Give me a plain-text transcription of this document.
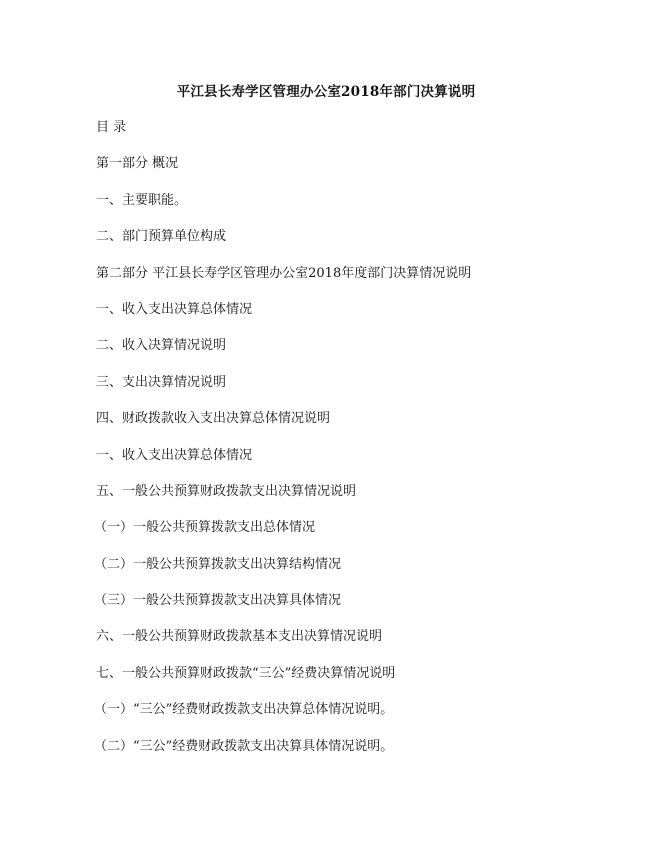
平江县长寿学区管理办公室2018年部门决算说明
目 录
第一部分 概况
一、主要职能。
二、部门预算单位构成
第二部分 平江县长寿学区管理办公室2018年度部门决算情况说明
一、收入支出决算总体情况
二、收入决算情况说明
三、支出决算情况说明
四、财政拨款收入支出决算总体情况说明
一、收入支出决算总体情况
五、一般公共预算财政拨款支出决算情况说明
（一）一般公共预算拨款支出总体情况
（二）一般公共预算拨款支出决算结构情况
（三）一般公共预算拨款支出决算具体情况
六、一般公共预算财政拨款基本支出决算情况说明
七、一般公共预算财政拨款“三公”经费决算情况说明
（一）“三公”经费财政拨款支出决算总体情况说明。
（二）“三公”经费财政拨款支出决算具体情况说明。
